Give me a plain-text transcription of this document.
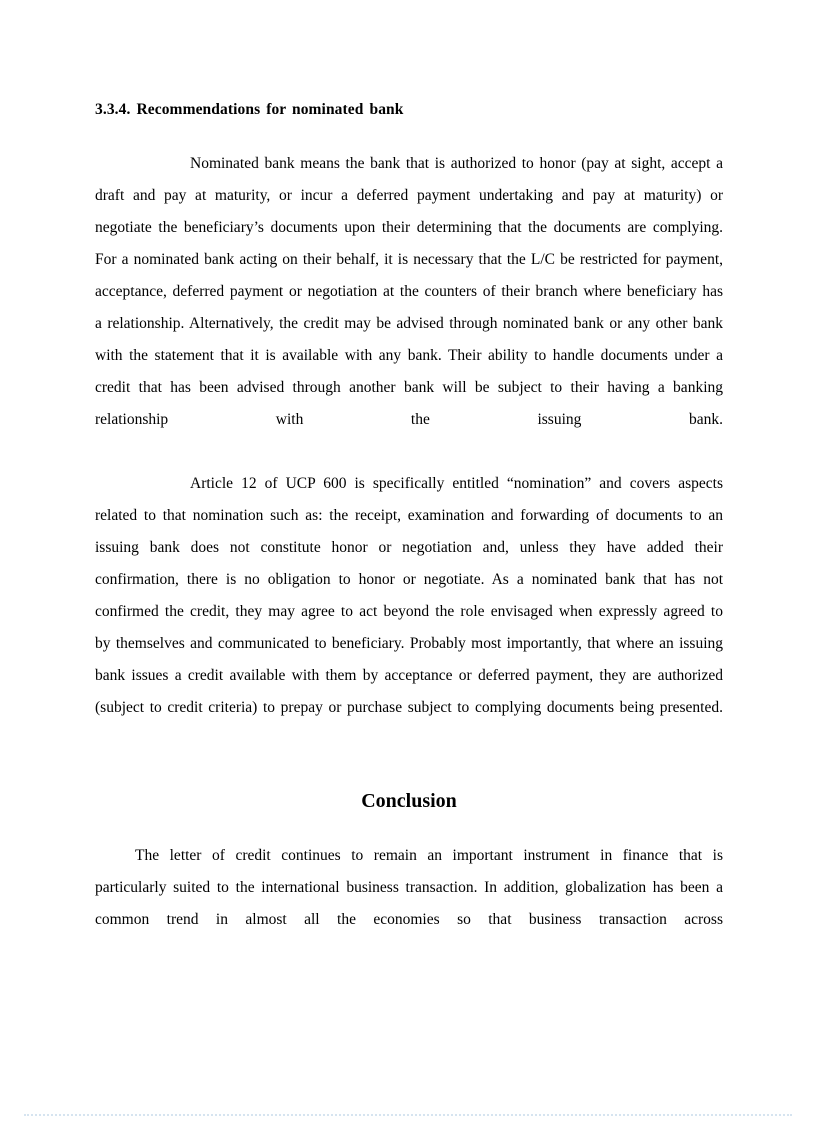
3.3.4. Recommendations for nominated bank

Nominated bank means the bank that is authorized to honor (pay at sight, accept a draft and pay at maturity, or incur a deferred payment undertaking and pay at maturity) or negotiate the beneficiary’s documents upon their determining that the documents are complying. For a nominated bank acting on their behalf, it is necessary that the L/C be restricted for payment, acceptance, deferred payment or negotiation at the counters of their branch where beneficiary has a relationship. Alternatively, the credit may be advised through nominated bank or any other bank with the statement that it is available with any bank. Their ability to handle documents under a credit that has been advised through another bank will be subject to their having a banking relationship with the issuing bank.

Article 12 of UCP 600 is specifically entitled “nomination” and covers aspects related to that nomination such as: the receipt, examination and forwarding of documents to an issuing bank does not constitute honor or negotiation and, unless they have added their confirmation, there is no obligation to honor or negotiate. As a nominated bank that has not confirmed the credit, they may agree to act beyond the role envisaged when expressly agreed to by themselves and communicated to beneficiary. Probably most importantly, that where an issuing bank issues a credit available with them by acceptance or deferred payment, they are authorized (subject to credit criteria) to prepay or purchase subject to complying documents being presented.

Conclusion

The letter of credit continues to remain an important instrument in finance that is particularly suited to the international business transaction. In addition, globalization has been a common trend in almost all the economies so that business transaction across
